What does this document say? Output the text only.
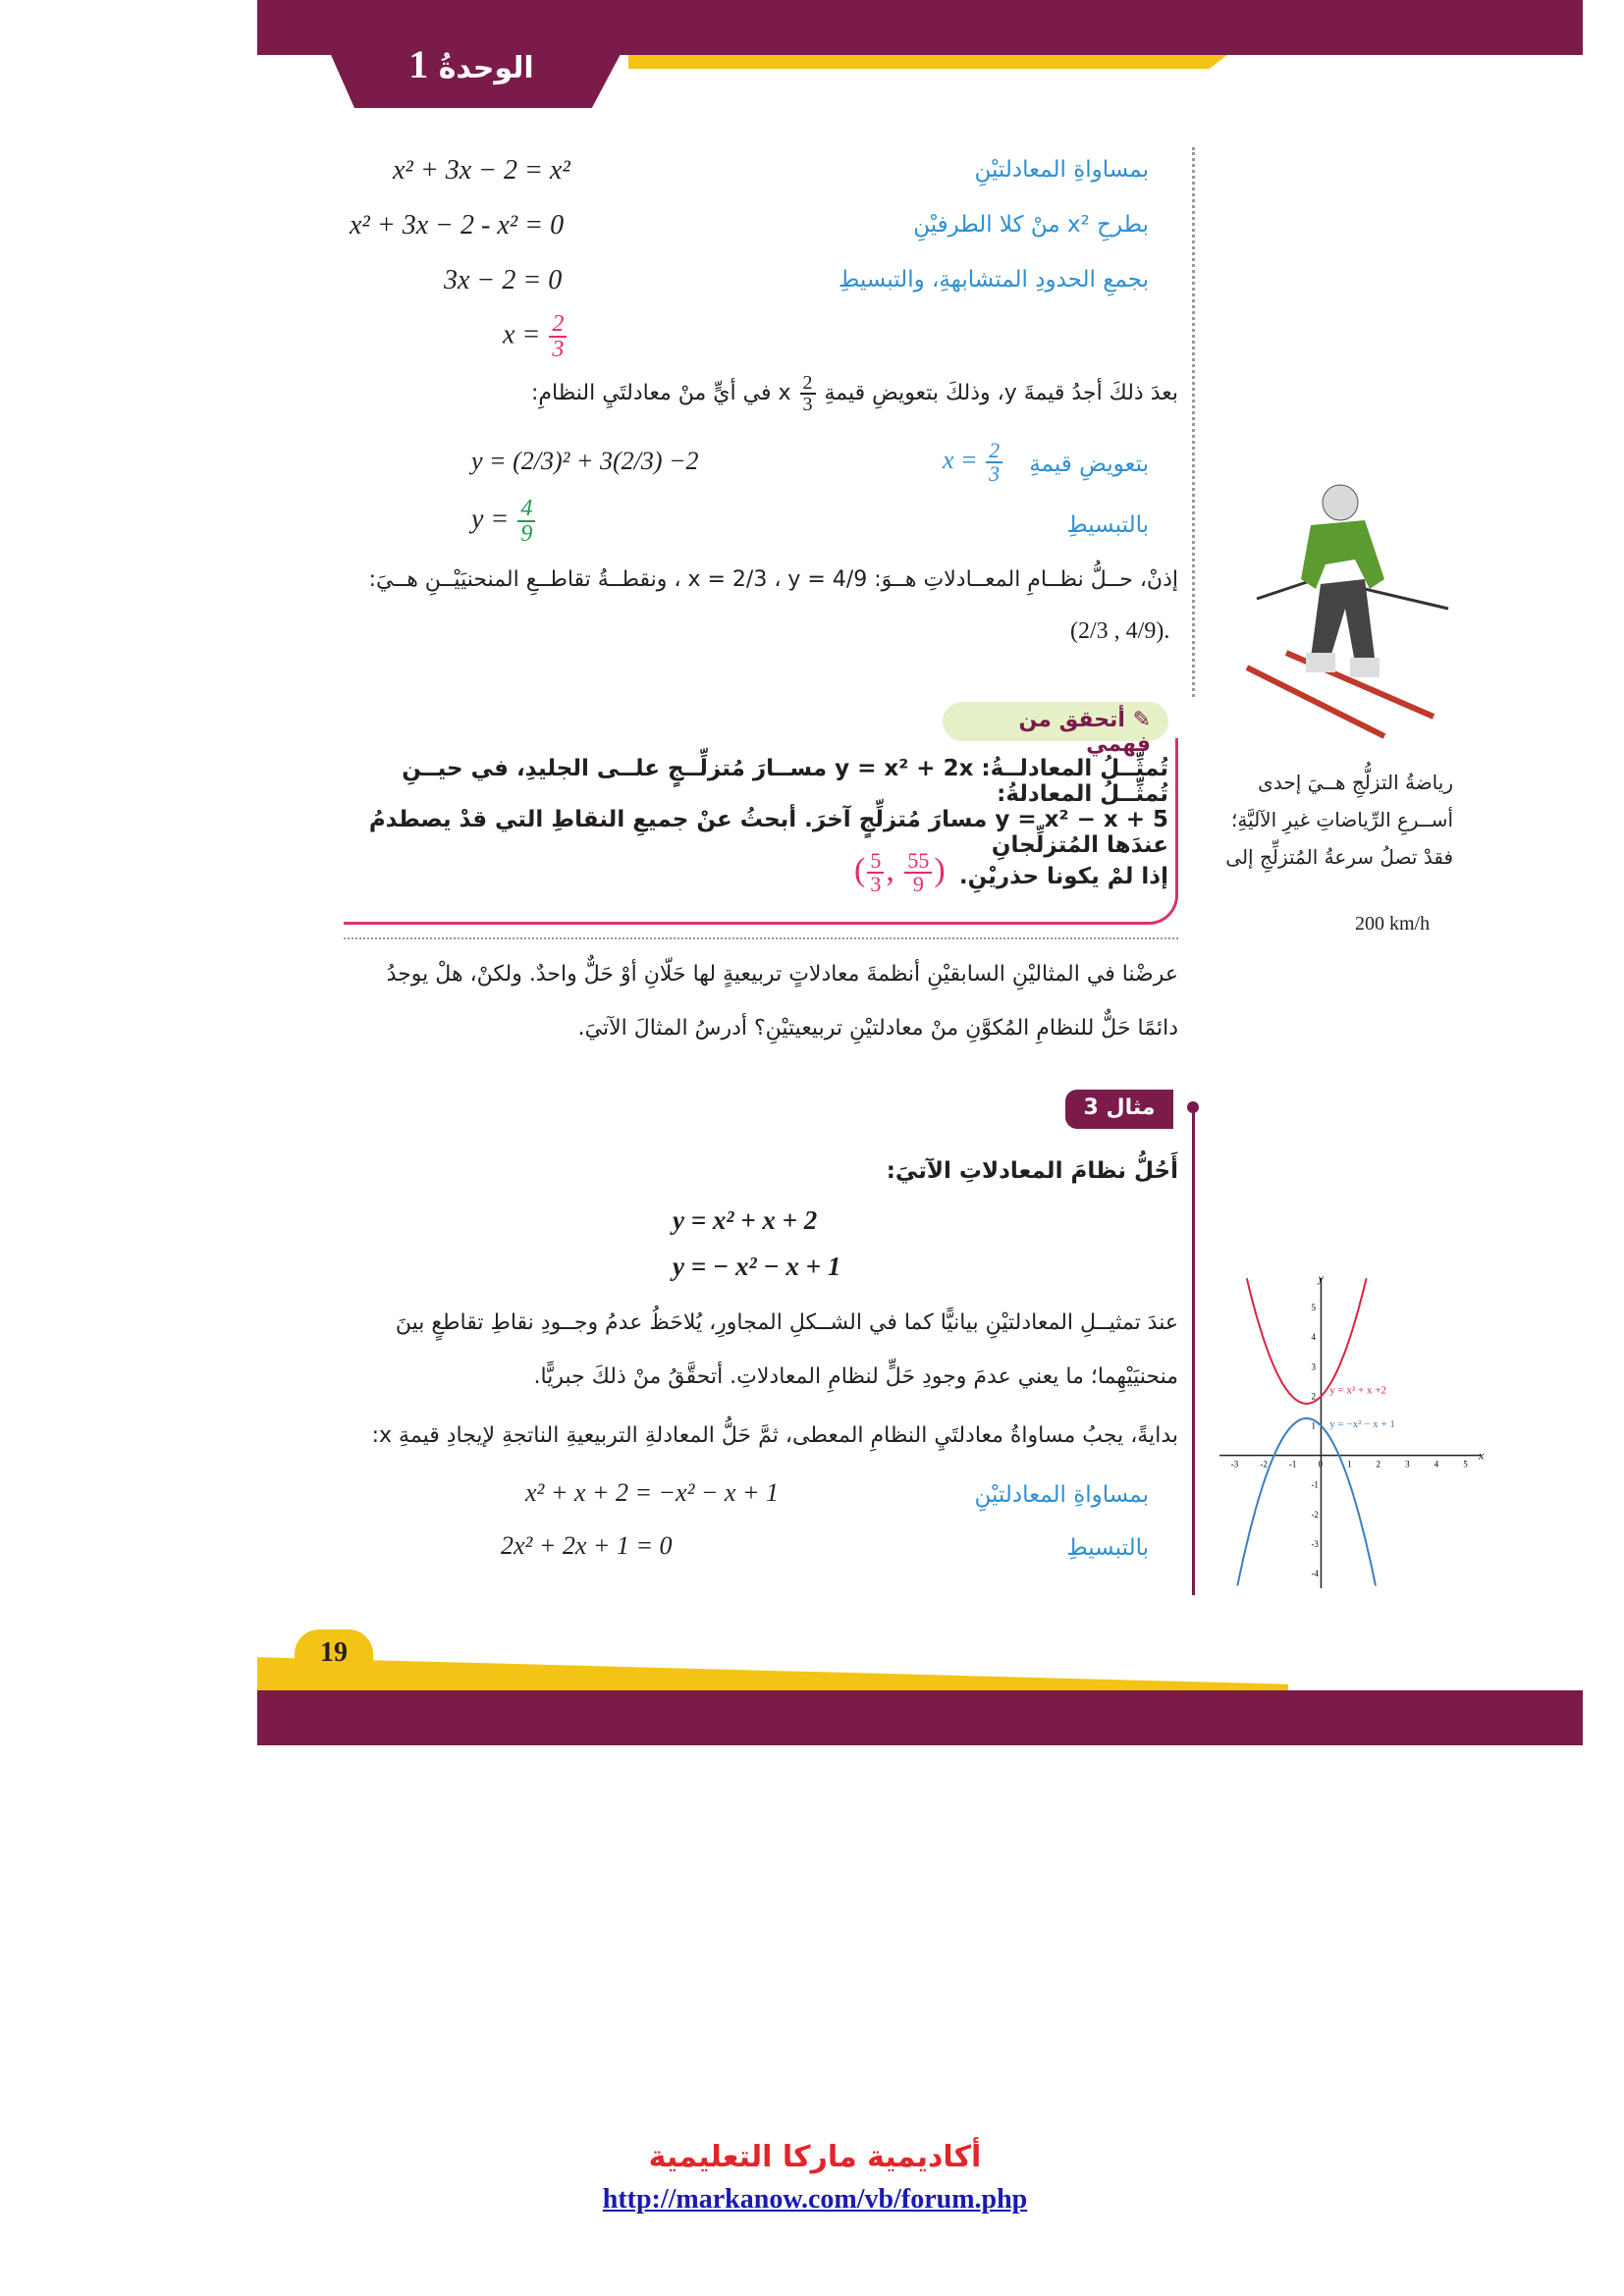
الوحدةُ 1
بمساواةِ المعادلتيْنِ
x² + 3x − 2 = x²
بطرحِ x² منْ كلا الطرفيْنِ
x² + 3x − 2 - x² = 0
بجمعِ الحدودِ المتشابهةِ، والتبسيطِ
3x − 2 = 0
$x = \frac{2}{3}$
بعدَ ذلكَ أجدُ قيمةَ y، وذلكَ بتعويضِ قيمةِ
$\frac{2}{3}$
x في أيٍّ منْ معادلتَيِ النظامِ:
بتعويضِ قيمةِ
$x = \frac{2}{3}$
y = (2/3)² + 3(2/3) −2
بالتبسيطِ
$y = \frac{4}{9}$
إذنْ، حــلُّ نظــامِ المعــادلاتِ هــوَ: x = 2/3 ، y = 4/9 ، ونقطــةُ تقاطــعِ المنحنيَيْــنِ هــيَ:
(2/3 , 4/9).
✎ أتحقق من فهمي
تُمثِّــلُ المعادلــةُ: y = x² + 2x مســارَ مُتزلِّــجٍ علــى الجليدِ، في حيــنِ تُمثِّــلُ المعادلةُ:
y = x² − x + 5 مسارَ مُتزلِّجٍ آخرَ. أبحثُ عنْ جميعِ النقاطِ التي قدْ يصطدمُ عندَها المُتزلِّجانِ
إذا لمْ يكونا حذريْنِ.
( $\frac{5}{3}$ , $\frac{55}{9}$ )
رياضةُ التزلُّجِ هــيَ إحدى
أســرعِ الرِّياضاتِ غيرِ الآليَّةِ؛
فقدْ تصلُ سرعةُ المُتزلِّجِ إلى
200 km/h
عرضْنا في المثاليْنِ السابقيْنِ أنظمةَ معادلاتٍ تربيعيةٍ لها حَلّانِ أوْ حَلٌّ واحدٌ. ولكنْ، هلْ يوجدُ
دائمًا حَلٌّ للنظامِ المُكوَّنِ منْ معادلتيْنِ تربيعيتيْنِ؟ أدرسُ المثالَ الآتيَ.
مثال 3
أَحُلُّ نظامَ المعادلاتِ الآتيَ:
y = x² + x + 2
y = − x² − x + 1
عندَ تمثيــلِ المعادلتيْنِ بيانيًّا كما في الشــكلِ المجاورِ، يُلاحَظُ عدمُ وجــودِ نقاطِ تقاطعٍ بينَ
منحنيَيْهِما؛ ما يعني عدمَ وجودِ حَلٍّ لنظامِ المعادلاتِ. أتحقَّقُ منْ ذلكَ جبريًّا.
بدايةً، يجبُ مساواةُ معادلتَيِ النظامِ المعطى، ثمَّ حَلُّ المعادلةِ التربيعيةِ الناتجةِ لإيجادِ قيمةِ x:
بمساواةِ المعادلتيْنِ
x² + x + 2 = −x² − x + 1
بالتبسيطِ
2x² + 2x + 1 = 0
x
y
-3 -2 -1 0	1	2	3	4	5
5
4
3
2
1
-1
-2
-3
-4
y = x² + x +2
y = −x² − x + 1
19
أكاديمية ماركا التعليمية
http://markanow.com/vb/forum.php
